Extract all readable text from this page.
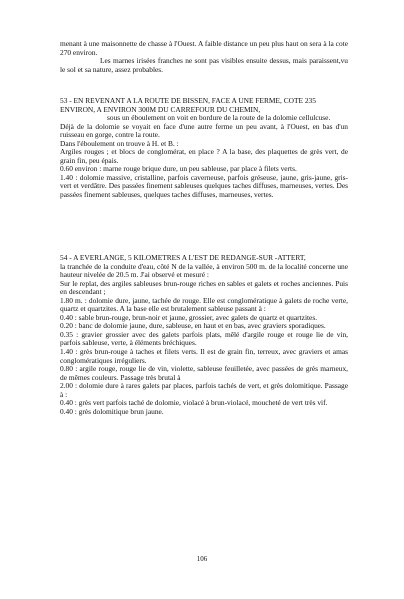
menant à une maisonnette de chasse à l'Ouest. A faible distance un peu plus haut on sera à la cote 270 environ.

Les marnes irisées franches ne sont pas visibles ensuite dessus, mais paraissent,vu le sol et sa nature, assez probables.

53 - EN REVENANT A LA ROUTE DE BISSEN, FACE A UNE FERME, COTE 235 ENVIRON, A ENVIRON 300M DU CARREFOUR DU CHEMIN,

sous un éboulement on voit en bordure de la route de la dolomie cellulcuse.

Déjà de la dolomie se voyait en face d'une autre ferme un peu avant, à l'Ouest, en bas d'un ruisseau en gorge, contre la route.

Dans l'éboulement on trouve à H. et B. :

Argiles rouges ; et blocs de conglomérat, en place ? A la base, des plaquettes de grès vert, de grain fin, peu épais.

0.60 environ : marne rouge brique dure, un peu sableuse, par place à filets verts.

1.40 : dolomie massive, cristalline, parfois caverneuse, parfois gréseuse, jaune, gris-jaune, gris-vert et verdâtre. Des passées finement sableuses quelques taches diffuses, marneuses, vertes. Des passées finement sableuses, quelques taches diffuses, marneuses, vertes.

54 - A EVERLANGE, 5 KILOMETRES A L'EST DE REDANGE-SUR -ATTERT,

la tranchée de la conduite d'eau, côté N de la vallée, à environ 500 m. de la localité concerne une hauteur nivelée de 20.5 m. J'ai observé et mesuré :

Sur le replat, des argiles sableuses brun-rouge riches en sables et galets et roches anciennes. Puis en descendant ;

1.80 m. : dolomie dure, jaune, tachée de rouge. Elle est conglomératique à galets de roche verte, quartz et quartzites. A la base elle est brutalement sableuse passant à :

0.40 : sable brun-rouge, brun-noir et jaune, grossier, avec galets de quartz et quartzites.

0.20 : banc de dolomie jaune, dure, sableuse, en haut et en bas, avec graviers sporadiques.

0.35 : gravier grossier avec des galets parfois plats, mêlé d'argile rouge et rouge lie de vin, parfois sableuse, verte, à éléments bréchiques.

1.40 : grès brun-rouge à taches et filets verts. Il est de grain fin, terreux, avec graviers et amas conglomératiques irréguliers.

0.80 : argile rouge, rouge lie de vin, violette, sableuse feuilletée, avec passées de grès marneux, de mêmes couleurs. Passage très brutal à

2.00 : dolomie dure à rares galets par places, parfois tachés de vert, et grès dolomitique. Passage à :

0.40 : grès vert parfois taché de dolomie, violacé à brun-violacé, moucheté de vert très vif.

0.40 : grès dolomitique brun jaune.

106
